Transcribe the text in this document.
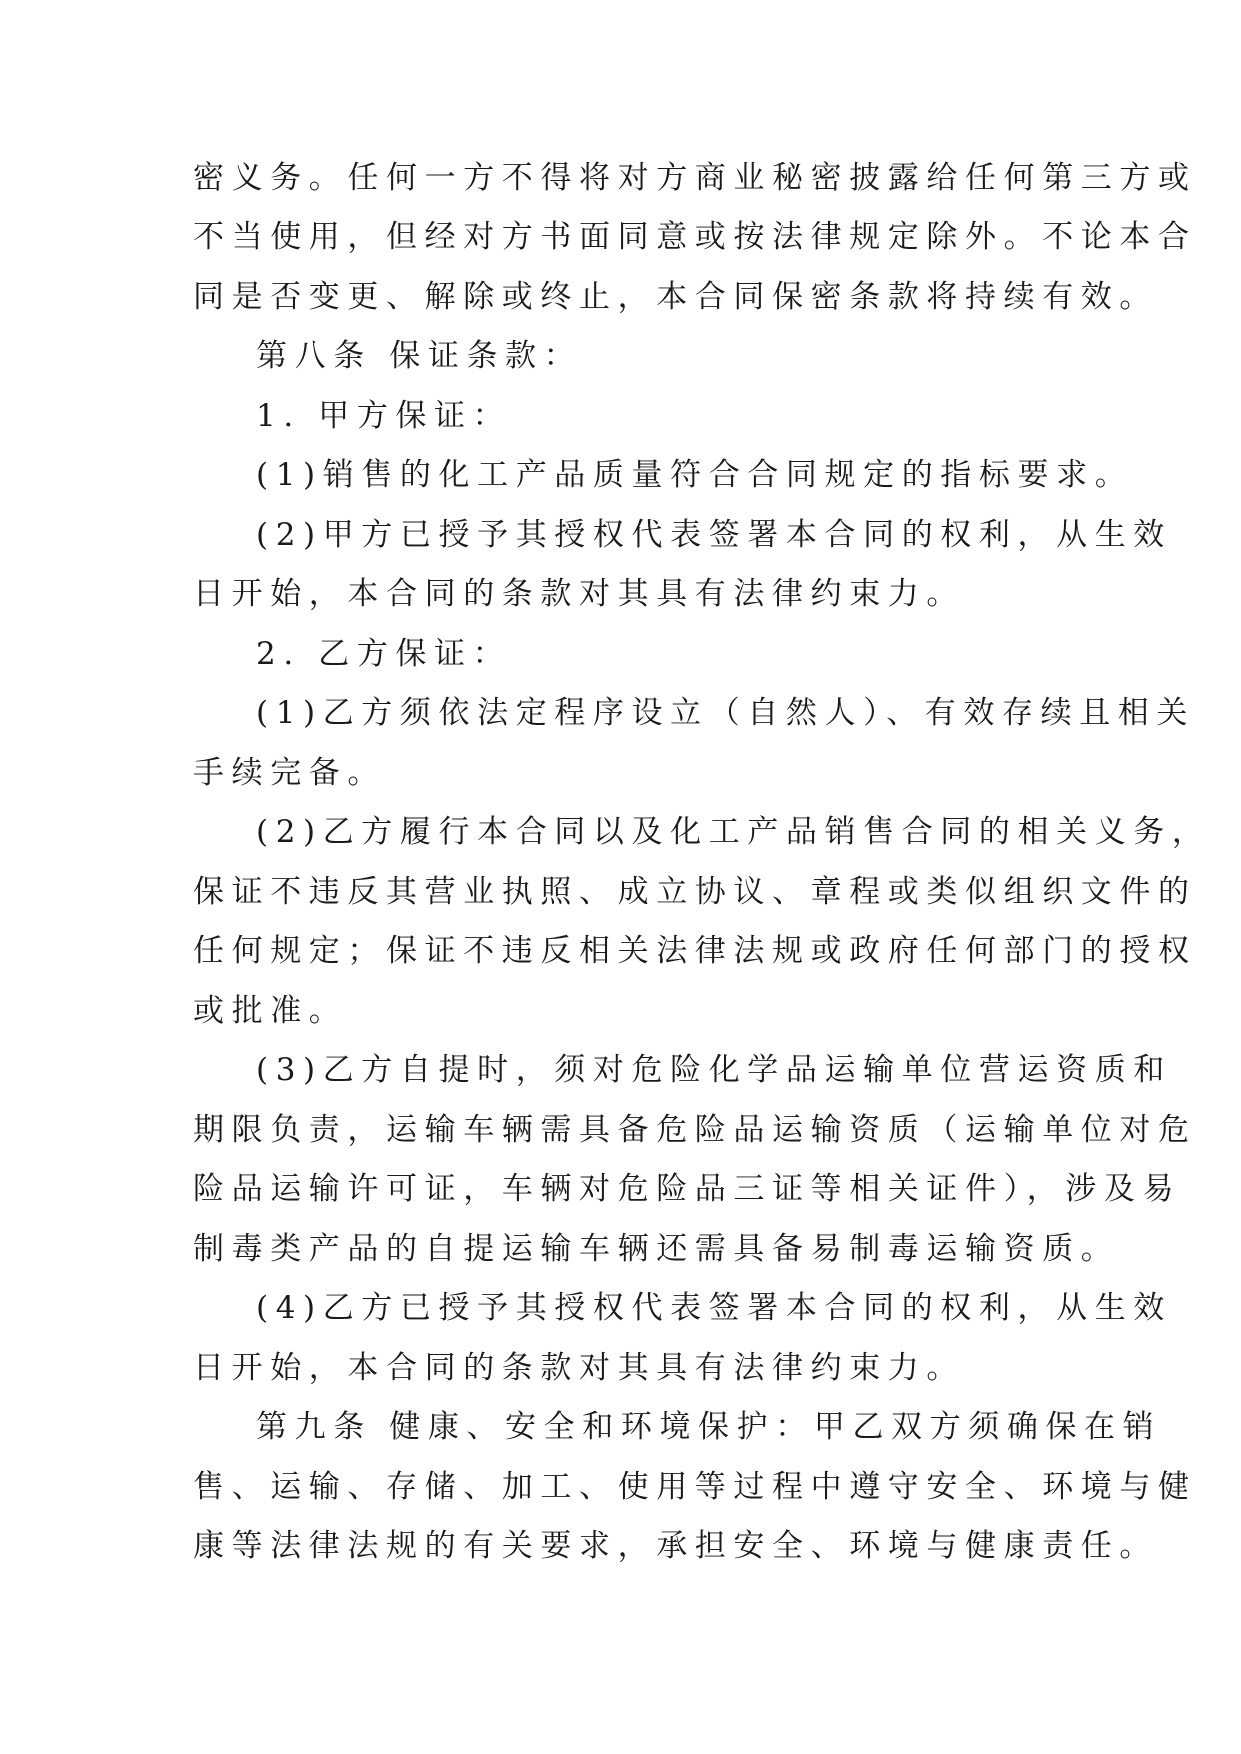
密义务。任何一方不得将对方商业秘密披露给任何第三方或

不当使用，但经对方书面同意或按法律规定除外。不论本合

同是否变更、解除或终止，本合同保密条款将持续有效。

第八条 保证条款：

1. 甲方保证：

(1)销售的化工产品质量符合合同规定的指标要求。

(2)甲方已授予其授权代表签署本合同的权利，从生效

日开始，本合同的条款对其具有法律约束力。

2. 乙方保证：

(1)乙方须依法定程序设立（自然人）、有效存续且相关

手续完备。

(2)乙方履行本合同以及化工产品销售合同的相关义务，

保证不违反其营业执照、成立协议、章程或类似组织文件的

任何规定；保证不违反相关法律法规或政府任何部门的授权

或批准。

(3)乙方自提时，须对危险化学品运输单位营运资质和

期限负责，运输车辆需具备危险品运输资质（运输单位对危

险品运输许可证，车辆对危险品三证等相关证件），涉及易

制毒类产品的自提运输车辆还需具备易制毒运输资质。

(4)乙方已授予其授权代表签署本合同的权利，从生效

日开始，本合同的条款对其具有法律约束力。

第九条 健康、安全和环境保护：甲乙双方须确保在销

售、运输、存储、加工、使用等过程中遵守安全、环境与健

康等法律法规的有关要求，承担安全、环境与健康责任。
